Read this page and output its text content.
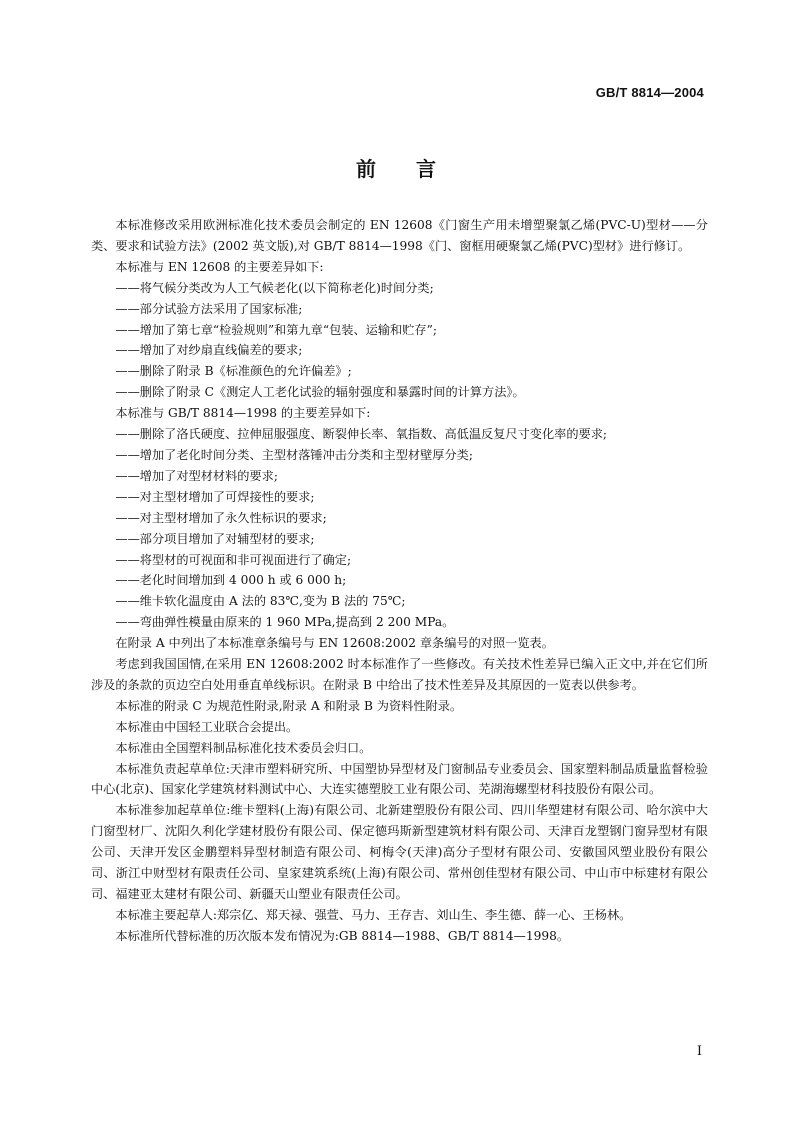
GB/T 8814—2004
前 言

本标准修改采用欧洲标准化技术委员会制定的 EN 12608《门窗生产用未增塑聚氯乙烯(PVC-U)型材——分类、要求和试验方法》(2002 英文版),对 GB/T 8814—1998《门、窗框用硬聚氯乙烯(PVC)型材》进行修订。

本标准与 EN 12608 的主要差异如下:

——将气候分类改为人工气候老化(以下简称老化)时间分类;

——部分试验方法采用了国家标准;

——增加了第七章“检验规则”和第九章“包装、运输和贮存”;

——增加了对纱扇直线偏差的要求;

——删除了附录 B《标准颜色的允许偏差》;

——删除了附录 C《测定人工老化试验的辐射强度和暴露时间的计算方法》。

本标准与 GB/T 8814—1998 的主要差异如下:

——删除了洛氏硬度、拉伸屈服强度、断裂伸长率、氧指数、高低温反复尺寸变化率的要求;

——增加了老化时间分类、主型材落锤冲击分类和主型材壁厚分类;

——增加了对型材材料的要求;

——对主型材增加了可焊接性的要求;

——对主型材增加了永久性标识的要求;

——部分项目增加了对辅型材的要求;

——将型材的可视面和非可视面进行了确定;

——老化时间增加到 4 000 h 或 6 000 h;

——维卡软化温度由 A 法的 83℃,变为 B 法的 75℃;

——弯曲弹性模量由原来的 1 960 MPa,提高到 2 200 MPa。

在附录 A 中列出了本标准章条编号与 EN 12608:2002 章条编号的对照一览表。

考虑到我国国情,在采用 EN 12608:2002 时本标准作了一些修改。有关技术性差异已编入正文中,并在它们所涉及的条款的页边空白处用垂直单线标识。在附录 B 中给出了技术性差异及其原因的一览表以供参考。

本标准的附录 C 为规范性附录,附录 A 和附录 B 为资料性附录。

本标准由中国轻工业联合会提出。

本标准由全国塑料制品标准化技术委员会归口。

本标准负责起草单位:天津市塑料研究所、中国塑协异型材及门窗制品专业委员会、国家塑料制品质量监督检验中心(北京)、国家化学建筑材料测试中心、大连实德塑胶工业有限公司、芜湖海螺型材科技股份有限公司。

本标准参加起草单位:维卡塑料(上海)有限公司、北新建塑股份有限公司、四川华塑建材有限公司、哈尔滨中大门窗型材厂、沈阳久利化学建材股份有限公司、保定德玛斯新型建筑材料有限公司、天津百龙塑钢门窗异型材有限公司、天津开发区金鹏塑料异型材制造有限公司、柯梅令(天津)高分子型材有限公司、安徽国风塑业股份有限公司、浙江中财型材有限责任公司、皇家建筑系统(上海)有限公司、常州创佳型材有限公司、中山市中标建材有限公司、福建亚太建材有限公司、新疆天山塑业有限责任公司。

本标准主要起草人:郑宗亿、郑天禄、强萱、马力、王存吉、刘山生、李生德、薛一心、王杨林。

本标准所代替标准的历次版本发布情况为:GB 8814—1988、GB/T 8814—1998。

I
